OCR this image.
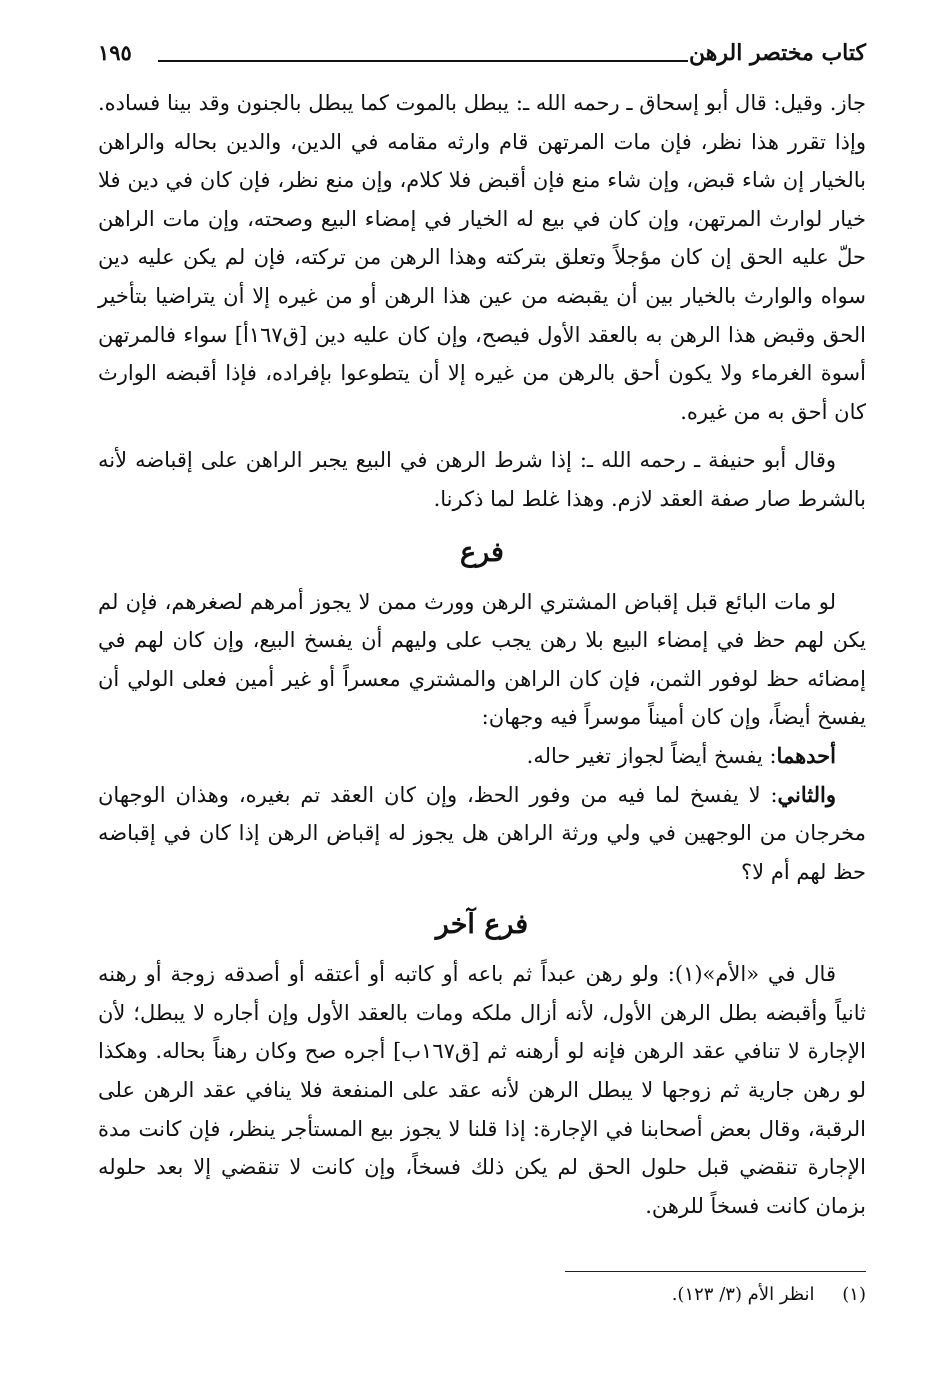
كتاب مختصر الرهن
١٩٥

جاز. وقيل: قال أبو إسحاق ـ رحمه الله ـ: يبطل بالموت كما يبطل بالجنون وقد بينا فساده. وإذا تقرر هذا نظر، فإن مات المرتهن قام وارثه مقامه في الدين، والدين بحاله والراهن بالخيار إن شاء قبض، وإن شاء منع فإن أقبض فلا كلام، وإن منع نظر، فإن كان في دين فلا خيار لوارث المرتهن، وإن كان في بيع له الخيار في إمضاء البيع وصحته، وإن مات الراهن حلّ عليه الحق إن كان مؤجلاً وتعلق بتركته وهذا الرهن من تركته، فإن لم يكن عليه دين سواه والوارث بالخيار بين أن يقبضه من عين هذا الرهن أو من غيره إلا أن يتراضيا بتأخير الحق وقبض هذا الرهن به بالعقد الأول فيصح، وإن كان عليه دين [ق١٦٧أ] سواء فالمرتهن أسوة الغرماء ولا يكون أحق بالرهن من غيره إلا أن يتطوعوا بإفراده، فإذا أقبضه الوارث كان أحق به من غيره.

وقال أبو حنيفة ـ رحمه الله ـ: إذا شرط الرهن في البيع يجبر الراهن على إقباضه لأنه بالشرط صار صفة العقد لازم. وهذا غلط لما ذكرنا.

فرع

لو مات البائع قبل إقباض المشتري الرهن وورث ممن لا يجوز أمرهم لصغرهم، فإن لم يكن لهم حظ في إمضاء البيع بلا رهن يجب على وليهم أن يفسخ البيع، وإن كان لهم في إمضائه حظ لوفور الثمن، فإن كان الراهن والمشتري معسراً أو غير أمين فعلى الولي أن يفسخ أيضاً، وإن كان أميناً موسراً فيه وجهان:

أحدهما: يفسخ أيضاً لجواز تغير حاله.

والثاني: لا يفسخ لما فيه من وفور الحظ، وإن كان العقد تم بغيره، وهذان الوجهان مخرجان من الوجهين في ولي ورثة الراهن هل يجوز له إقباض الرهن إذا كان في إقباضه حظ لهم أم لا؟

فرع آخر

قال في «الأم»(١): ولو رهن عبداً ثم باعه أو كاتبه أو أعتقه أو أصدقه زوجة أو رهنه ثانياً وأقبضه بطل الرهن الأول، لأنه أزال ملكه ومات بالعقد الأول وإن أجاره لا يبطل؛ لأن الإجارة لا تنافي عقد الرهن فإنه لو أرهنه ثم [ق١٦٧ب] أجره صح وكان رهناً بحاله. وهكذا لو رهن جارية ثم زوجها لا يبطل الرهن لأنه عقد على المنفعة فلا ينافي عقد الرهن على الرقبة، وقال بعض أصحابنا في الإجارة: إذا قلنا لا يجوز بيع المستأجر ينظر، فإن كانت مدة الإجارة تنقضي قبل حلول الحق لم يكن ذلك فسخاً، وإن كانت لا تنقضي إلا بعد حلوله بزمان كانت فسخاً للرهن.

(١) انظر الأم (٣/ ١٢٣).
